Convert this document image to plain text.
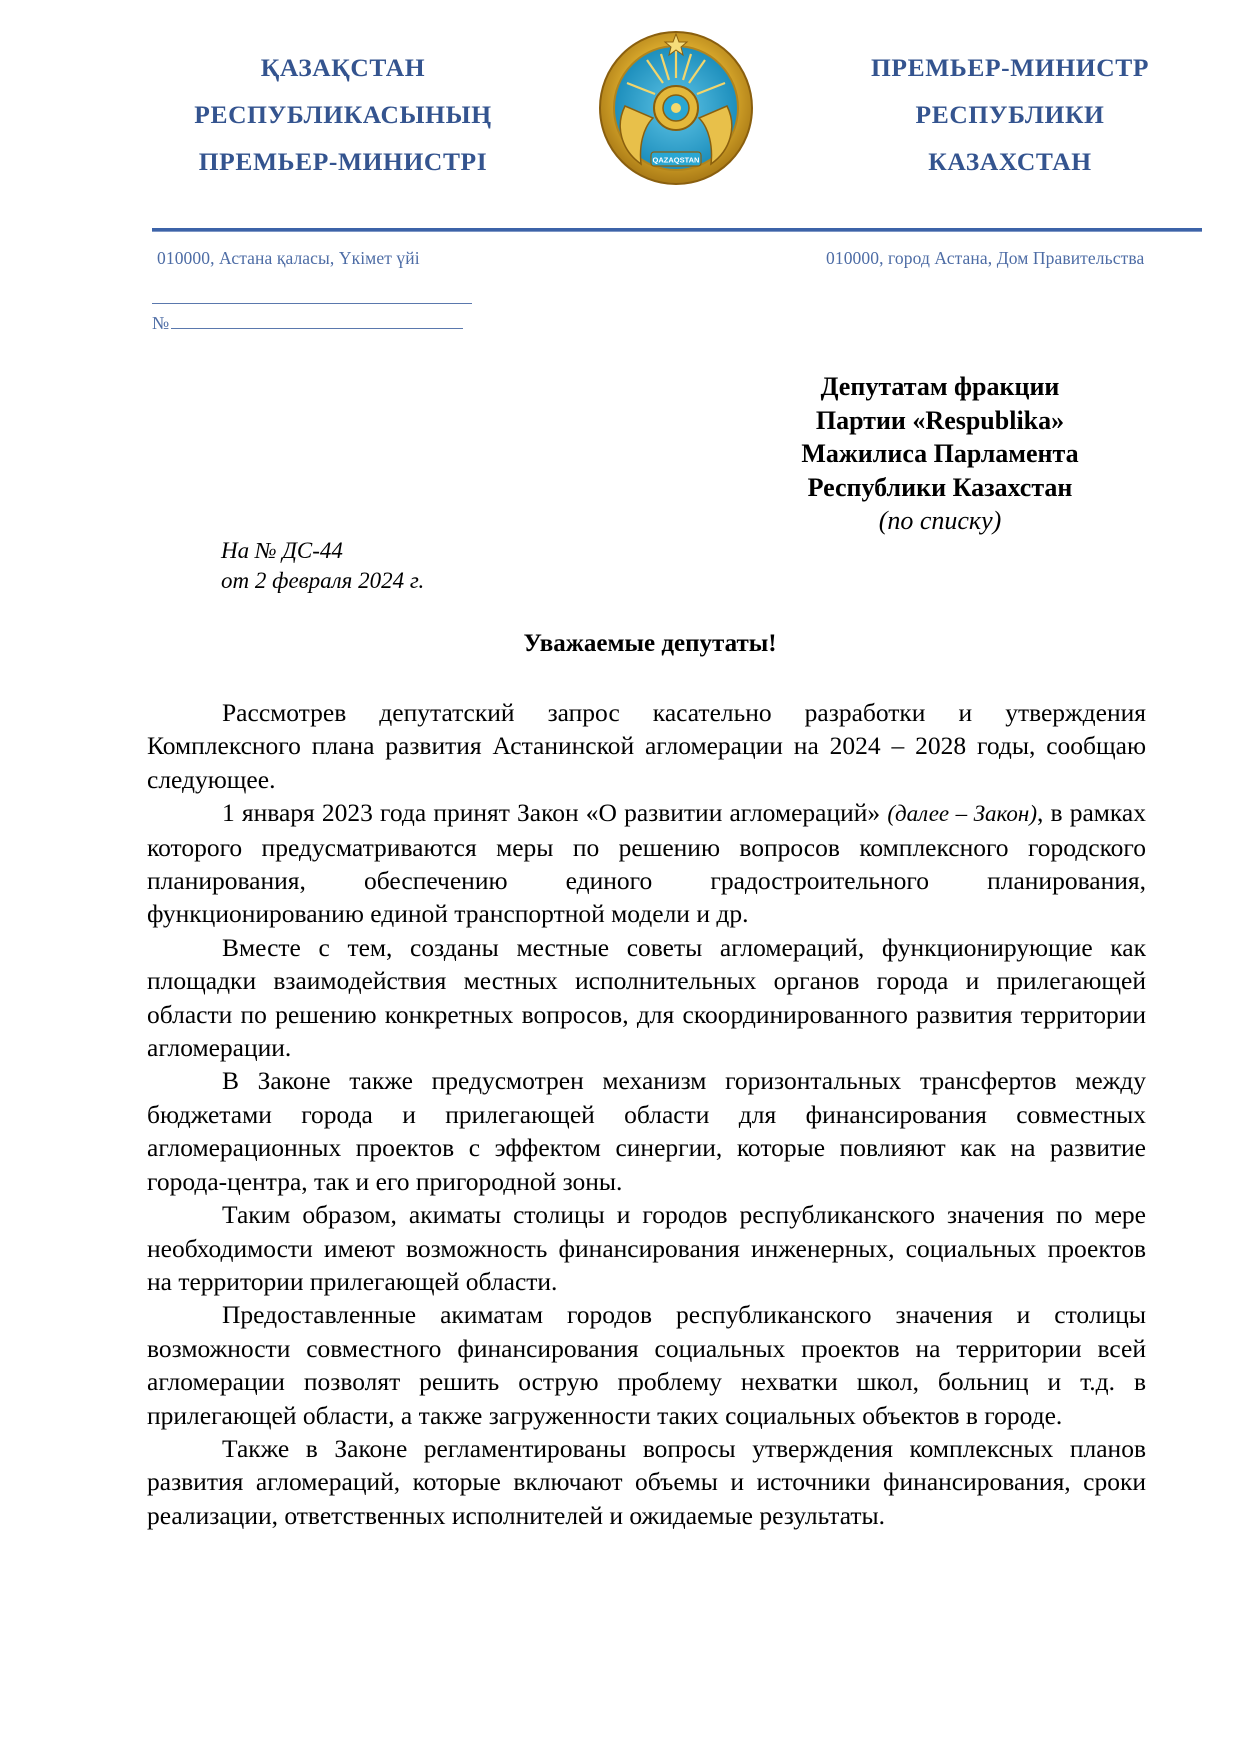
ҚАЗАҚСТАН
РЕСПУБЛИКАСЫНЫҢ
ПРЕМЬЕР-МИНИСТРІ	QAZAQSTAN
ПРЕМЬЕР-МИНИСТР
РЕСПУБЛИКИ
КАЗАХСТАН
010000, Астана қаласы, Үкімет үйі	010000, город Астана, Дом Правительства
№
Депутатам фракции
Партии «Respublika»
Мажилиса Парламента
Республики Казахстан
(по списку)
На № ДС-44
от 2 февраля 2024 г.
Уважаемые депутаты!

Рассмотрев депутатский запрос касательно разработки и утверждения Комплексного плана развития Астанинской агломерации на 2024 – 2028 годы, сообщаю следующее.

1 января 2023 года принят Закон «О развитии агломераций» (далее – Закон), в рамках которого предусматриваются меры по решению вопросов комплексного городского планирования, обеспечению единого градостроительного планирования, функционированию единой транспортной модели и др.

Вместе с тем, созданы местные советы агломераций, функционирующие как площадки взаимодействия местных исполнительных органов города и прилегающей области по решению конкретных вопросов, для скоординированного развития территории агломерации.

В Законе также предусмотрен механизм горизонтальных трансфертов между бюджетами города и прилегающей области для финансирования совместных агломерационных проектов с эффектом синергии, которые повлияют как на развитие города-центра, так и его пригородной зоны.

Таким образом, акиматы столицы и городов республиканского значения по мере необходимости имеют возможность финансирования инженерных, социальных проектов на территории прилегающей области.

Предоставленные акиматам городов республиканского значения и столицы возможности совместного финансирования социальных проектов на территории всей агломерации позволят решить острую проблему нехватки школ, больниц и т.д. в прилегающей области, а также загруженности таких социальных объектов в городе.

Также в Законе регламентированы вопросы утверждения комплексных планов развития агломераций, которые включают объемы и источники финансирования, сроки реализации, ответственных исполнителей и ожидаемые результаты.
